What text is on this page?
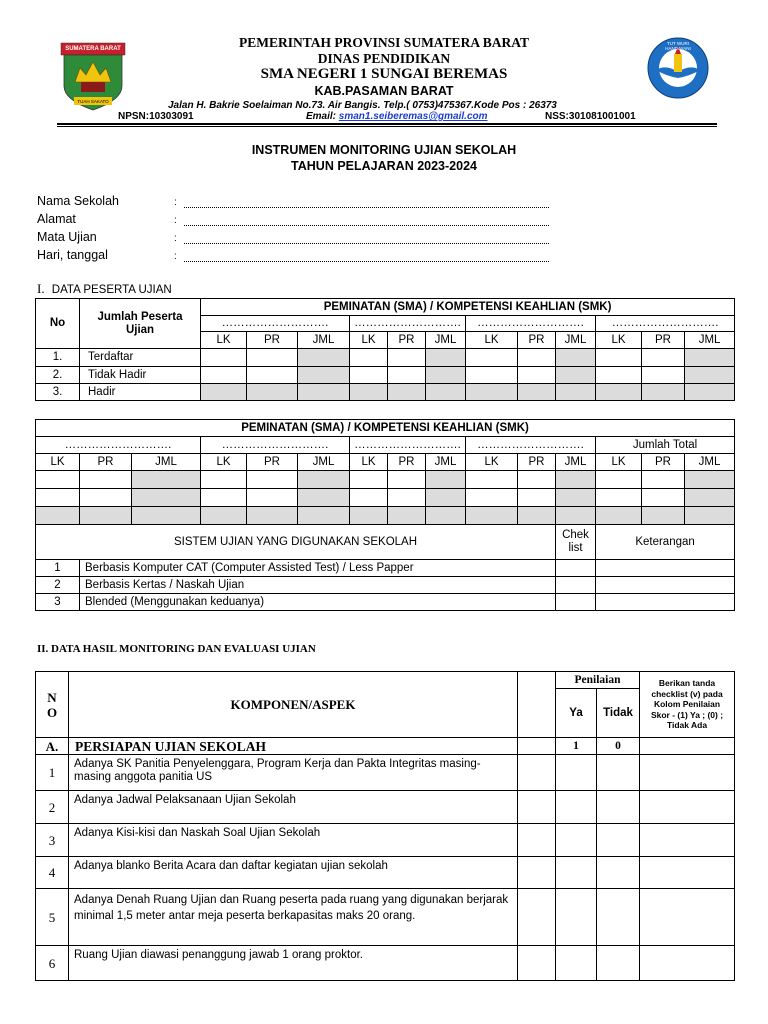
SUMATERA BARAT
TUAH SAKATO
TUT WURI HANDAYANI
PEMERINTAH PROVINSI SUMATERA BARAT
DINAS PENDIDIKAN
SMA NEGERI 1 SUNGAI BEREMAS
KAB.PASAMAN BARAT
Jalan H. Bakrie Soelaiman No.73. Air Bangis. Telp.( 0753)475367.Kode Pos : 26373
NPSN:10303091	Email: sman1.seiberemas@gmail.com	NSS:301081001001
INSTRUMEN MONITORING UJIAN SEKOLAH
TAHUN PELAJARAN 2023-2024
Nama Sekolah	:
Alamat	:
Mata Ujian	:
Hari, tanggal	:
I. DATA PESERTA UJIAN
No	Jumlah Peserta Ujian	PEMINATAN (SMA) / KOMPETENSI KEAHLIAN (SMK)											
		……………………….			……………………….			……………………….			……………………….		
		LK	PR	JML	LK	PR	JML	LK	PR	JML	LK	PR	JML
1.	Terdaftar												
2.	Tidak Hadir												
3.	Hadir												
PEMINATAN (SMA) / KOMPETENSI KEAHLIAN (SMK)														
……………………….			……………………….			……………………….			……………………….			Jumlah Total		
LK	PR	JML	LK	PR	JML	LK	PR	JML	LK	PR	JML	LK	PR	JML

SISTEM UJIAN YANG DIGUNAKAN SEKOLAH											Chek list	Keterangan		
1	Berbasis Komputer CAT (Computer Assisted Test) / Less Papper													
2	Berbasis Kertas / Naskah Ujian													
3	Blended (Menggunakan keduanya)													
II. DATA HASIL MONITORING DAN EVALUASI UJIAN
N O	KOMPONEN/ASPEK		Penilaian		Berikan tanda checklist (v) pada Kolom Penilaian Skor - (1) Ya ; (0) ; Tidak Ada
			Ya	Tidak	
A.	PERSIAPAN UJIAN SEKOLAH		1	0	
1	Adanya SK Panitia Penyelenggara, Program Kerja dan Pakta Integritas masing-masing anggota panitia US				
2	Adanya Jadwal Pelaksanaan Ujian Sekolah				
3	Adanya Kisi-kisi dan Naskah Soal Ujian Sekolah				
4	Adanya blanko Berita Acara dan daftar kegiatan ujian sekolah				
5	Adanya Denah Ruang Ujian dan Ruang peserta pada ruang yang digunakan berjarak minimal 1,5 meter antar meja peserta berkapasitas maks 20 orang.				
6	Ruang Ujian diawasi penanggung jawab 1 orang proktor.				
